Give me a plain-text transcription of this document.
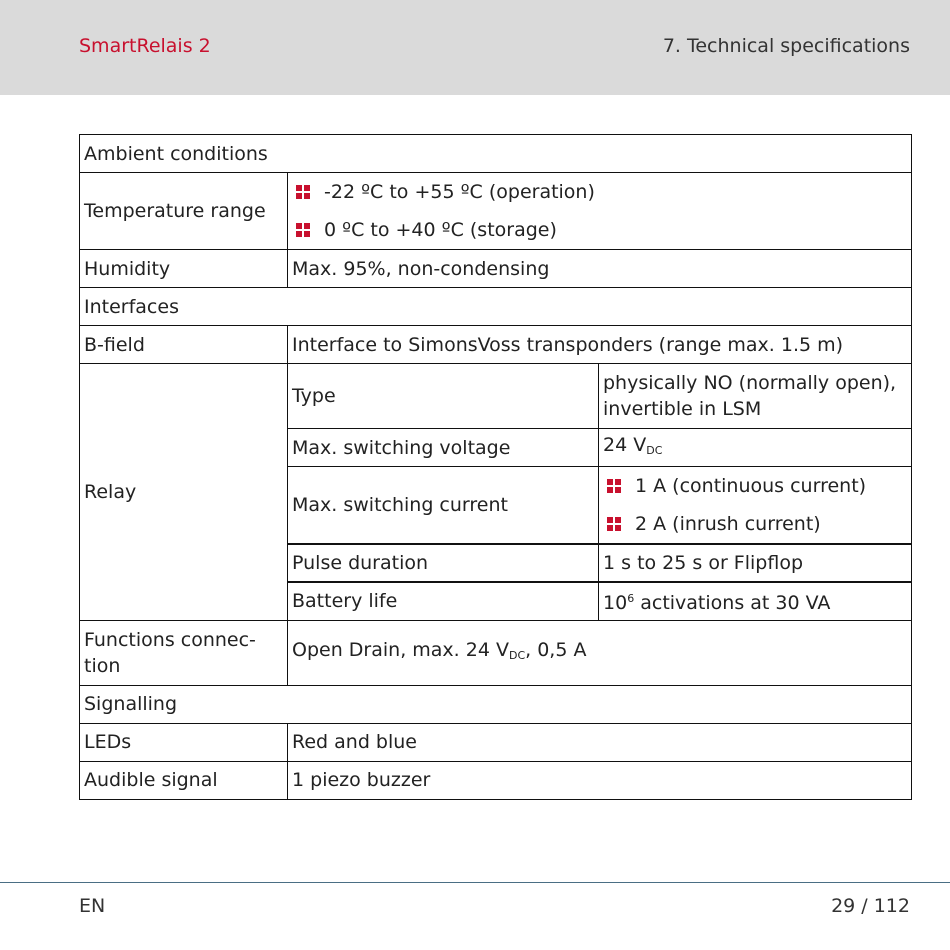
SmartRelais 2	7. Technical specifications
Ambient conditions		
Temperature range	-22 ºC to +55 ºC (operation)
0 ºC to +40 ºC (storage)	

Humidity	Max. 95%, non-condensing	
Interfaces		
B-field	Interface to SimonsVoss transponders (range max. 1.5 m)	
Relay	Type	physically NO (normally open), invertible in LSM
	Max. switching voltage	24 $V_{DC}$
	Max. switching current	1 A (continuous current)
2 A (inrush current)

	Pulse duration	1 s to 25 s or Flipflop
	Battery life	$10^6$ activations at 30 VA
Functions connec-
tion	Open Drain, max. 24 $V_{DC}$, 0,5 A	
Signalling		
LEDs	Red and blue	
Audible signal	1 piezo buzzer	
EN	29 / 112
